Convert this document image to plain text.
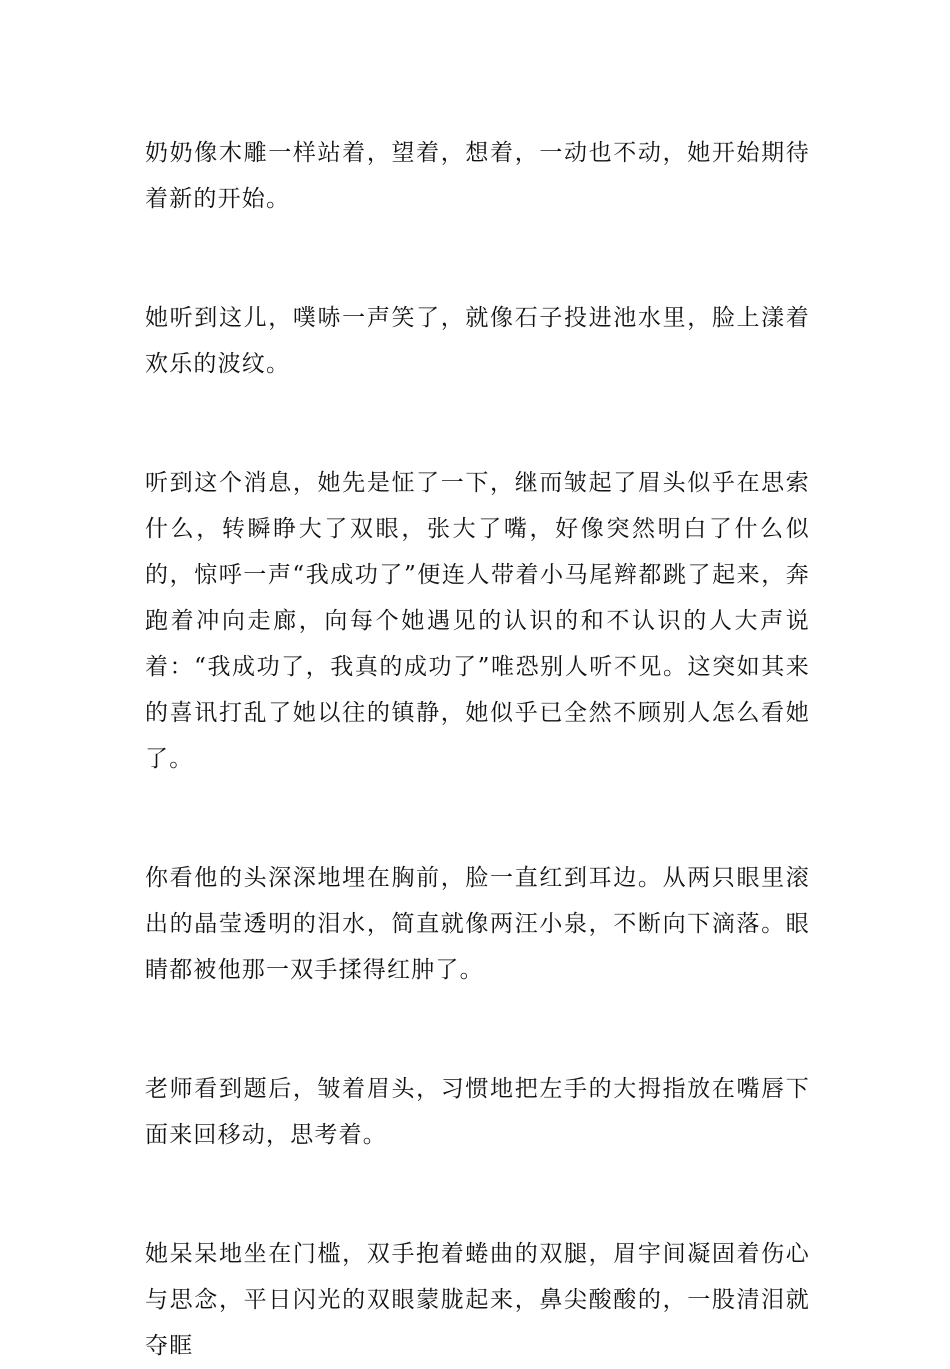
奶奶像木雕一样站着，望着，想着，一动也不动，她开始期待着新的开始。

她听到这儿，噗哧一声笑了，就像石子投进池水里，脸上漾着欢乐的波纹。

听到这个消息，她先是怔了一下，继而皱起了眉头似乎在思索什么，转瞬睁大了双眼，张大了嘴，好像突然明白了什么似的，惊呼一声“我成功了”便连人带着小马尾辫都跳了起来，奔跑着冲向走廊，向每个她遇见的认识的和不认识的人大声说着：“我成功了，我真的成功了”唯恐别人听不见。这突如其来的喜讯打乱了她以往的镇静，她似乎已全然不顾别人怎么看她了。

你看他的头深深地埋在胸前，脸一直红到耳边。从两只眼里滚出的晶莹透明的泪水，简直就像两汪小泉，不断向下滴落。眼睛都被他那一双手揉得红肿了。

老师看到题后，皱着眉头，习惯地把左手的大拇指放在嘴唇下面来回移动，思考着。

她呆呆地坐在门槛，双手抱着蜷曲的双腿，眉宇间凝固着伤心与思念，平日闪光的双眼蒙胧起来，鼻尖酸酸的，一股清泪就夺眶
